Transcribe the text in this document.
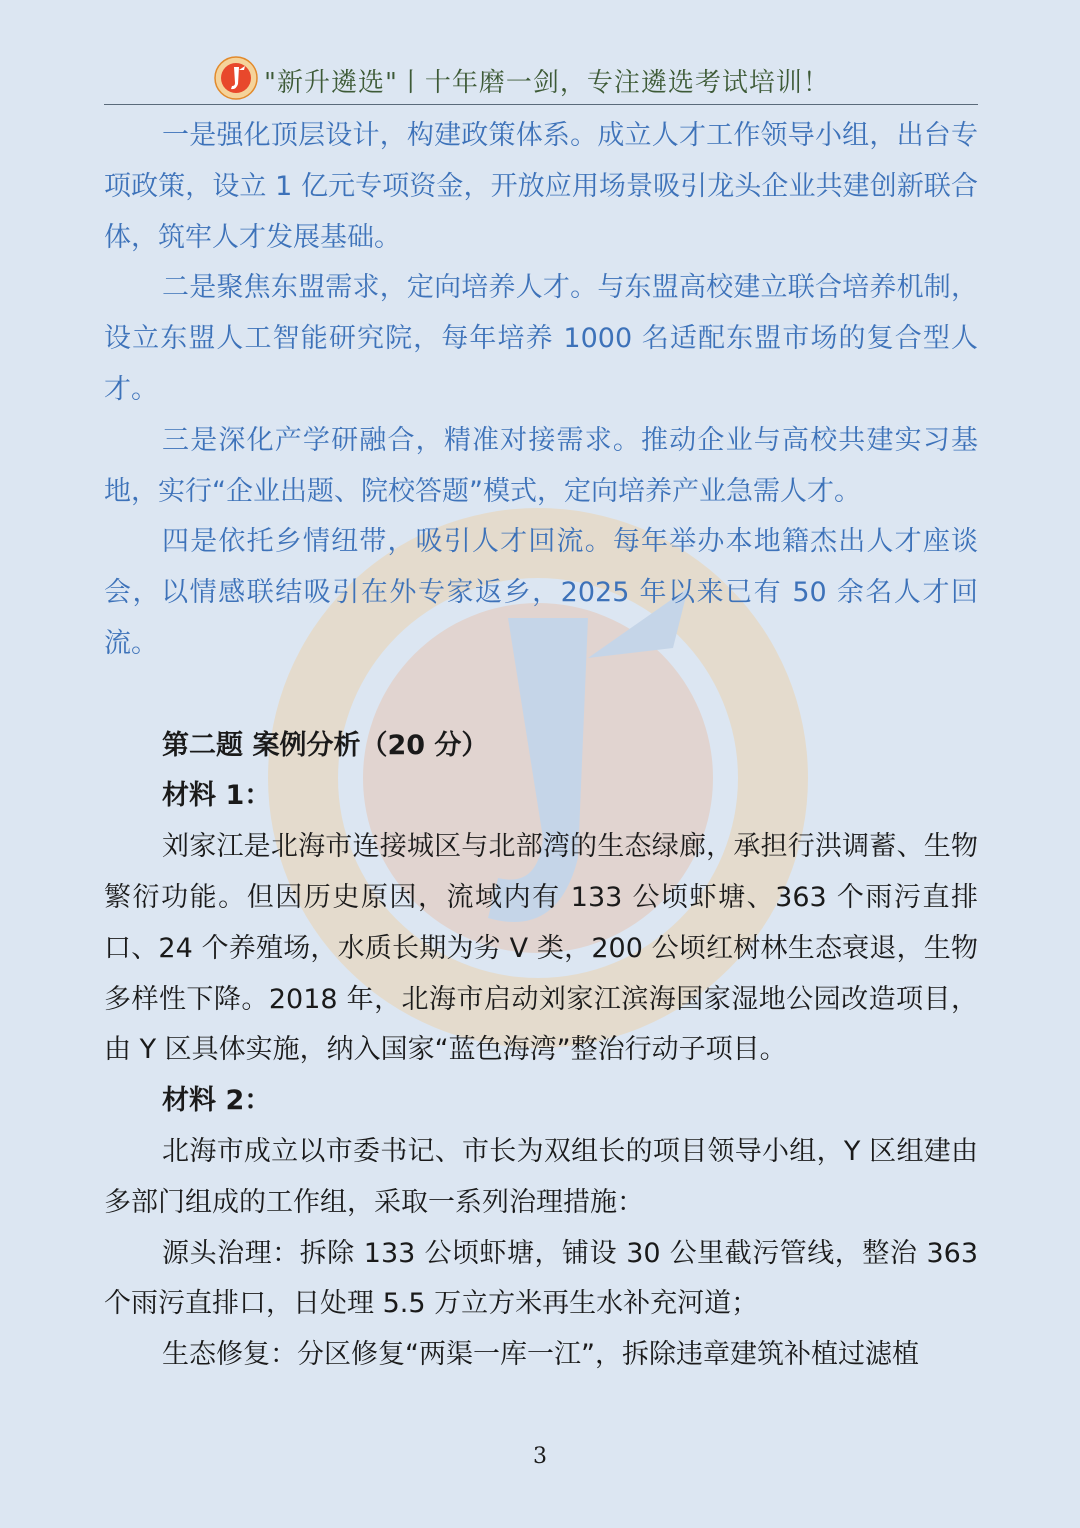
"新升遴选"丨十年磨一剑，专注遴选考试培训！

一是强化顶层设计，构建政策体系。成立人才工作领导小组，出台专项政策，设立 1 亿元专项资金，开放应用场景吸引龙头企业共建创新联合体，筑牢人才发展基础。

二是聚焦东盟需求，定向培养人才。与东盟高校建立联合培养机制，设立东盟人工智能研究院，每年培养 1000 名适配东盟市场的复合型人才。

三是深化产学研融合，精准对接需求。推动企业与高校共建实习基地，实行“企业出题、院校答题”模式，定向培养产业急需人才。

四是依托乡情纽带，吸引人才回流。每年举办本地籍杰出人才座谈会，以情感联结吸引在外专家返乡，2025 年以来已有 50 余名人才回流。

第二题 案例分析（20 分）

材料 1：

刘家江是北海市连接城区与北部湾的生态绿廊，承担行洪调蓄、生物繁衍功能。但因历史原因，流域内有 133 公顷虾塘、363 个雨污直排口、24 个养殖场，水质长期为劣 V 类，200 公顷红树林生态衰退，生物多样性下降。2018 年，北海市启动刘家江滨海国家湿地公园改造项目，由 Y 区具体实施，纳入国家“蓝色海湾”整治行动子项目。

材料 2：

北海市成立以市委书记、市长为双组长的项目领导小组，Y 区组建由多部门组成的工作组，采取一系列治理措施：

源头治理：拆除 133 公顷虾塘，铺设 30 公里截污管线，整治 363 个雨污直排口，日处理 5.5 万立方米再生水补充河道；

生态修复：分区修复“两渠一库一江”，拆除违章建筑补植过滤植

3
